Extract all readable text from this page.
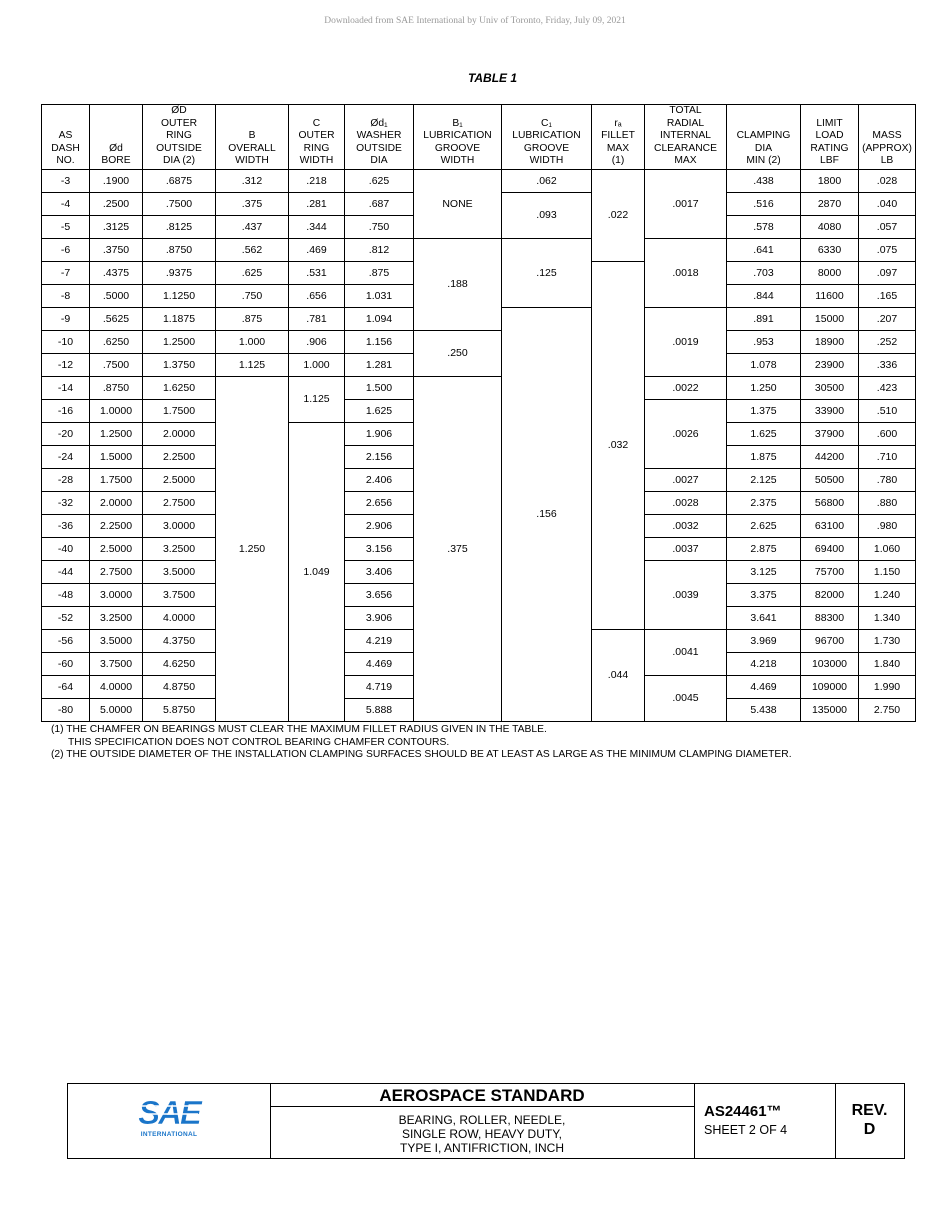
Downloaded from SAE International by Univ of Toronto, Friday, July 09, 2021
TABLE 1
AS
DASH
NO.	Ød
BORE	ØD
OUTER
RING
OUTSIDE
DIA (2)	B
OVERALL
WIDTH	C
OUTER
RING
WIDTH	Ød₁
WASHER
OUTSIDE
DIA	B₁
LUBRICATION
GROOVE
WIDTH	C₁
LUBRICATION
GROOVE
WIDTH	rₐ
FILLET
MAX
(1)	TOTAL
RADIAL
INTERNAL
CLEARANCE
MAX	CLAMPING
DIA
MIN (2)	LIMIT
LOAD
RATING
LBF	MASS
(APPROX)
LB
-3	.1900	.6875	.312	.218	.625	NONE	.062	.022	.0017	.438	1800	.028
-4	.2500	.7500	.375	.281	.687		.093			.516	2870	.040
-5	.3125	.8125	.437	.344	.750					.578	4080	.057
-6	.3750	.8750	.562	.469	.812	.188	.125		.0018	.641	6330	.075
-7	.4375	.9375	.625	.531	.875			.032		.703	8000	.097
-8	.5000	1.1250	.750	.656	1.031					.844	11600	.165
-9	.5625	1.1875	.875	.781	1.094		.156		.0019	.891	15000	.207
-10	.6250	1.2500	1.000	.906	1.156	.250				.953	18900	.252
-12	.7500	1.3750	1.125	1.000	1.281					1.078	23900	.336
-14	.8750	1.6250	1.250	1.125	1.500	.375			.0022	1.250	30500	.423
-16	1.0000	1.7500			1.625				.0026	1.375	33900	.510
-20	1.2500	2.0000		1.049	1.906					1.625	37900	.600
-24	1.5000	2.2500			2.156					1.875	44200	.710
-28	1.7500	2.5000			2.406				.0027	2.125	50500	.780
-32	2.0000	2.7500			2.656				.0028	2.375	56800	.880
-36	2.2500	3.0000			2.906				.0032	2.625	63100	.980
-40	2.5000	3.2500			3.156				.0037	2.875	69400	1.060
-44	2.7500	3.5000			3.406				.0039	3.125	75700	1.150
-48	3.0000	3.7500			3.656					3.375	82000	1.240
-52	3.2500	4.0000			3.906					3.641	88300	1.340
-56	3.5000	4.3750			4.219			.044	.0041	3.969	96700	1.730
-60	3.7500	4.6250			4.469					4.218	103000	1.840
-64	4.0000	4.8750			4.719				.0045	4.469	109000	1.990
-80	5.0000	5.8750			5.888					5.438	135000	2.750
(1) THE CHAMFER ON BEARINGS MUST CLEAR THE MAXIMUM FILLET RADIUS GIVEN IN THE TABLE.
THIS SPECIFICATION DOES NOT CONTROL BEARING CHAMFER CONTOURS.
(2) THE OUTSIDE DIAMETER OF THE INSTALLATION CLAMPING SURFACES SHOULD BE AT LEAST AS LARGE AS THE MINIMUM CLAMPING DIAMETER.
SAE
INTERNATIONAL
AEROSPACE STANDARD
BEARING, ROLLER, NEEDLE,
SINGLE ROW, HEAVY DUTY,
TYPE I, ANTIFRICTION, INCH
AS24461™
SHEET 2 OF 4
REV.
D
